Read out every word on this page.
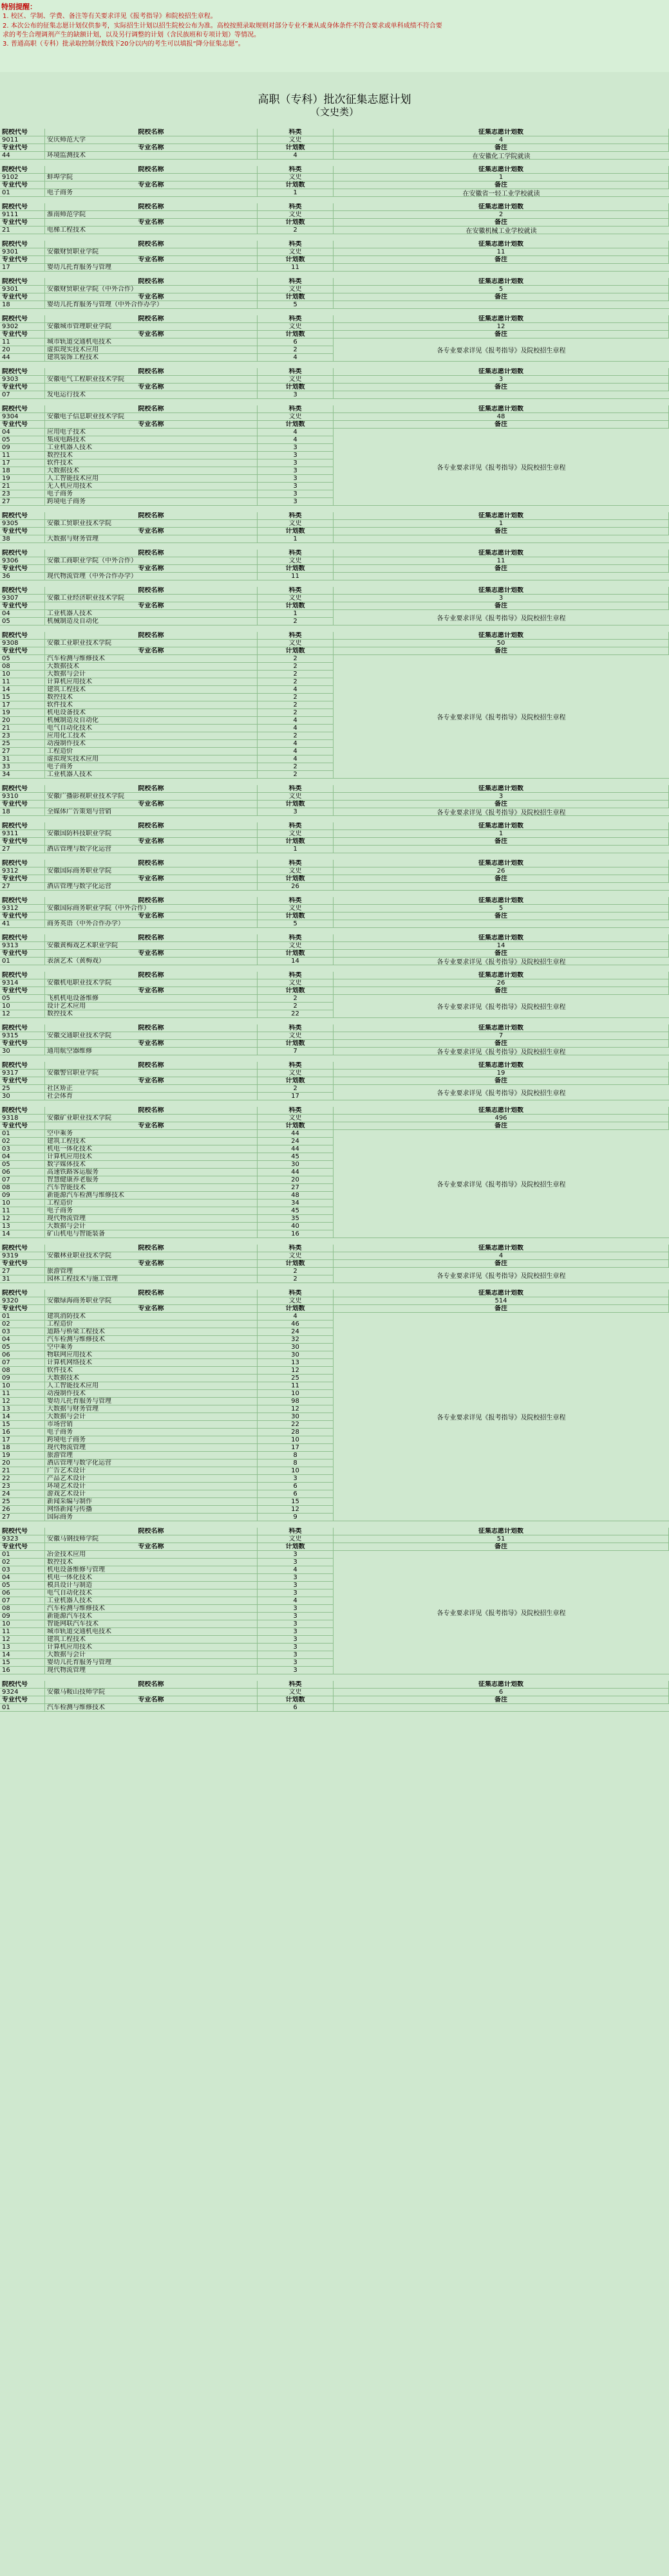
特别提醒：
1. 校区、学制、学费、备注等有关要求详见《报考指导》和院校招生章程。
2. 本次公布的征集志愿计划仅供参考，实际招生计划以招生院校公布为准。高校按照录取规则对部分专业不兼从或身体条件不符合要求或单科成绩不符合要
求的考生合理调剂产生的缺额计划，以及另行调整的计划（含民族班和专项计划）等情况。
3. 普通高职（专科）批录取控制分数线下20分以内的考生可以填报“降分征集志愿”。
高职（专科）批次征集志愿计划
（文史类）
院校代号	院校名称	科类	征集志愿计划数
9011	安庆师范大学	文史	4
专业代号	专业名称	计划数	备注
44	环境监测技术	4	在安徽化工学院就读
院校代号	院校名称	科类	征集志愿计划数
9102	蚌埠学院	文史	1
专业代号	专业名称	计划数	备注
01	电子商务	1	在安徽省一轻工业学校就读
院校代号	院校名称	科类	征集志愿计划数
9111	淮南师范学院	文史	2
专业代号	专业名称	计划数	备注
21	电梯工程技术	2	在安徽机械工业学校就读
院校代号	院校名称	科类	征集志愿计划数
9301	安徽财贸职业学院	文史	11
专业代号	专业名称	计划数	备注
17	婴幼儿托育服务与管理	11
院校代号	院校名称	科类	征集志愿计划数
9301	安徽财贸职业学院（中外合作）	文史	5
专业代号	专业名称	计划数	备注
18	婴幼儿托育服务与管理（中外合作办学）	5
院校代号	院校名称	科类	征集志愿计划数
9302	安徽城市管理职业学院	文史	12
专业代号	专业名称	计划数	备注
11	城市轨道交通机电技术	6
20	虚拟现实技术应用	2
44	建筑装饰工程技术	4
各专业要求详见《报考指导》及院校招生章程
院校代号	院校名称	科类	征集志愿计划数
9303	安徽电气工程职业技术学院	文史	3
专业代号	专业名称	计划数	备注
07	发电运行技术	3
院校代号	院校名称	科类	征集志愿计划数
9304	安徽电子信息职业技术学院	文史	48
专业代号	专业名称	计划数	备注
04	应用电子技术	4
05	集成电路技术	4
09	工业机器人技术	3
11	数控技术	3
17	软件技术	3
18	大数据技术	3
19	人工智能技术应用	3
21	无人机应用技术	3
23	电子商务	3
27	跨境电子商务	3
各专业要求详见《报考指导》及院校招生章程
院校代号	院校名称	科类	征集志愿计划数
9305	安徽工贸职业技术学院	文史	1
专业代号	专业名称	计划数	备注
38	大数据与财务管理	1
院校代号	院校名称	科类	征集志愿计划数
9306	安徽工商职业学院（中外合作）	文史	11
专业代号	专业名称	计划数	备注
36	现代物流管理（中外合作办学）	11
院校代号	院校名称	科类	征集志愿计划数
9307	安徽工业经济职业技术学院	文史	3
专业代号	专业名称	计划数	备注
04	工业机器人技术	1
05	机械制造及自动化	2	各专业要求详见《报考指导》及院校招生章程
院校代号	院校名称	科类	征集志愿计划数
9308	安徽工业职业技术学院	文史	50
专业代号	专业名称	计划数	备注
05	汽车检测与维修技术	2
08	大数据技术	2
10	大数据与会计	2
11	计算机应用技术	2
14	建筑工程技术	4
15	数控技术	2
17	软件技术	2
19	机电设备技术	2
20	机械制造及自动化	4
21	电气自动化技术	4
23	应用化工技术	2
25	动漫制作技术	4
27	工程造价	4
31	虚拟现实技术应用	4
33	电子商务	2
34	工业机器人技术	2
各专业要求详见《报考指导》及院校招生章程
院校代号	院校名称	科类	征集志愿计划数
9310	安徽广播影视职业技术学院	文史	3
专业代号	专业名称	计划数	备注
18	全媒体广告策划与营销	3	各专业要求详见《报考指导》及院校招生章程
院校代号	院校名称	科类	征集志愿计划数
9311	安徽国防科技职业学院	文史	1
专业代号	专业名称	计划数	备注
27	酒店管理与数字化运营	1
院校代号	院校名称	科类	征集志愿计划数
9312	安徽国际商务职业学院	文史	26
专业代号	专业名称	计划数	备注
27	酒店管理与数字化运营	26
院校代号	院校名称	科类	征集志愿计划数
9312	安徽国际商务职业学院（中外合作）	文史	5
专业代号	专业名称	计划数	备注
41	商务英语（中外合作办学）	5
院校代号	院校名称	科类	征集志愿计划数
9313	安徽黄梅戏艺术职业学院	文史	14
专业代号	专业名称	计划数	备注
01	表演艺术（黄梅戏）	14	各专业要求详见《报考指导》及院校招生章程
院校代号	院校名称	科类	征集志愿计划数
9314	安徽机电职业技术学院	文史	26
专业代号	专业名称	计划数	备注
05	飞机机电设备维修	2
10	设计艺术应用	2
12	数控技术	22
各专业要求详见《报考指导》及院校招生章程
院校代号	院校名称	科类	征集志愿计划数
9315	安徽交通职业技术学院	文史	7
专业代号	专业名称	计划数	备注
30	通用航空器维修	7	各专业要求详见《报考指导》及院校招生章程
院校代号	院校名称	科类	征集志愿计划数
9317	安徽警官职业学院	文史	19
专业代号	专业名称	计划数	备注
25	社区矫正	2
30	社会体育	17	各专业要求详见《报考指导》及院校招生章程
院校代号	院校名称	科类	征集志愿计划数
9318	安徽矿业职业技术学院	文史	496
专业代号	专业名称	计划数	备注
01	空中乘务	44
02	建筑工程技术	24
03	机电一体化技术	44
04	计算机应用技术	45
05	数字媒体技术	30
06	高速铁路客运服务	44
07	智慧健康养老服务	20
08	汽车智能技术	27
09	新能源汽车检测与维修技术	48
10	工程造价	34
11	电子商务	45
12	现代物流管理	35
13	大数据与会计	40
14	矿山机电与智能装备	16
各专业要求详见《报考指导》及院校招生章程
院校代号	院校名称	科类	征集志愿计划数
9319	安徽林业职业技术学院	文史	4
专业代号	专业名称	计划数	备注
27	旅游管理	2
31	园林工程技术与施工管理	2	各专业要求详见《报考指导》及院校招生章程
院校代号	院校名称	科类	征集志愿计划数
9320	安徽绿海商务职业学院	文史	514
专业代号	专业名称	计划数	备注
01	建筑消防技术	4
02	工程造价	46
03	道路与桥梁工程技术	24
04	汽车检测与维修技术	32
05	空中乘务	30
06	物联网应用技术	30
07	计算机网络技术	13
08	软件技术	12
09	大数据技术	25
10	人工智能技术应用	11
11	动漫制作技术	10
12	婴幼儿托育服务与管理	98
13	大数据与财务管理	12
14	大数据与会计	30
15	市场营销	22
16	电子商务	28
17	跨境电子商务	10
18	现代物流管理	17
19	旅游管理	8
20	酒店管理与数字化运营	8
21	广告艺术设计	10
22	产品艺术设计	3
23	环境艺术设计	6
24	游戏艺术设计	6
25	新闻采编与制作	15
26	网络新闻与传播	12
27	国际商务	9
各专业要求详见《报考指导》及院校招生章程
院校代号	院校名称	科类	征集志愿计划数
9323	安徽马钢技师学院	文史	51
专业代号	专业名称	计划数	备注
01	冶金技术应用	3
02	数控技术	3
03	机电设备维修与管理	4
04	机电一体化技术	3
05	模具设计与制造	3
06	电气自动化技术	3
07	工业机器人技术	4
08	汽车检测与维修技术	3
09	新能源汽车技术	3
10	智能网联汽车技术	3
11	城市轨道交通机电技术	3
12	建筑工程技术	3
13	计算机应用技术	3
14	大数据与会计	3
15	婴幼儿托育服务与管理	3
16	现代物流管理	3
各专业要求详见《报考指导》及院校招生章程
院校代号	院校名称	科类	征集志愿计划数
9324	安徽马鞍山技师学院	文史	6
专业代号	专业名称	计划数	备注
01	汽车检测与维修技术	6
